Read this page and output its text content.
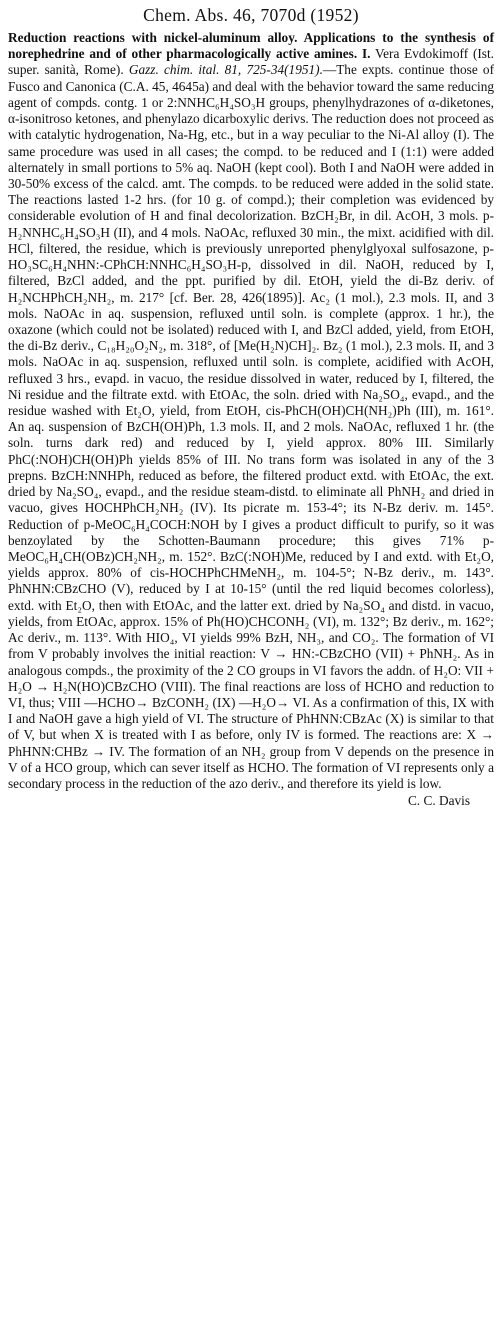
Chem. Abs. 46, 7070d (1952)

Reduction reactions with nickel-aluminum alloy. Applications to the synthesis of norephedrine and of other pharmacologically active amines. I. Vera Evdokimoff (Ist. super. sanità, Rome). Gazz. chim. ital. 81, 725-34(1951).—The expts. continue those of Fusco and Canonica (C.A. 45, 4645a) and deal with the behavior toward the same reducing agent of compds. contg. 1 or 2:NNHC₆H₄SO₃H groups, phenylhydrazones of α-diketones, α-isonitroso ketones, and phenylazo dicarboxylic derivs. The reduction does not proceed as with catalytic hydrogenation, Na-Hg, etc., but in a way peculiar to the Ni-Al alloy (I). The same procedure was used in all cases; the compd. to be reduced and I (1:1) were added alternately in small portions to 5% aq. NaOH (kept cool). Both I and NaOH were added in 30-50% excess of the calcd. amt. The compds. to be reduced were added in the solid state. The reactions lasted 1-2 hrs. (for 10 g. of compd.); their completion was evidenced by considerable evolution of H and final decolorization. BzCH₂Br, in dil. AcOH, 3 mols. p-H₂NNHC₆H₄SO₃H (II), and 4 mols. NaOAc, refluxed 30 min., the mixt. acidified with dil. HCl, filtered, the residue, which is previously unreported phenylglyoxal sulfosazone, p-HO₃SC₆H₄NHN:-CPhCH:NNHC₆H₄SO₃H-p, dissolved in dil. NaOH, reduced by I, filtered, BzCl added, and the ppt. purified by dil. EtOH, yield the di-Bz deriv. of H₂NCHPhCH₂NH₂, m. 217° [cf. Ber. 28, 426(1895)]. Ac₂ (1 mol.), 2.3 mols. II, and 3 mols. NaOAc in aq. suspension, refluxed until soln. is complete (approx. 1 hr.), the oxazone (which could not be isolated) reduced with I, and BzCl added, yield, from EtOH, the di-Bz deriv., C₁₈H₂₀O₂N₂, m. 318°, of [Me(H₂N)CH]₂. Bz₂ (1 mol.), 2.3 mols. II, and 3 mols. NaOAc in aq. suspension, refluxed until soln. is complete, acidified with AcOH, refluxed 3 hrs., evapd. in vacuo, the residue dissolved in water, reduced by I, filtered, the Ni residue and the filtrate extd. with EtOAc, the soln. dried with Na₂SO₄, evapd., and the residue washed with Et₂O, yield, from EtOH, cis-PhCH(OH)CH(NH₂)Ph (III), m. 161°. An aq. suspension of BzCH(OH)Ph, 1.3 mols. II, and 2 mols. NaOAc, refluxed 1 hr. (the soln. turns dark red) and reduced by I, yield approx. 80% III. Similarly PhC(:NOH)CH(OH)Ph yields 85% of III. No trans form was isolated in any of the 3 prepns. BzCH:NNHPh, reduced as before, the filtered product extd. with EtOAc, the ext. dried by Na₂SO₄, evapd., and the residue steam-distd. to eliminate all PhNH₂ and dried in vacuo, gives HOCHPhCH₂NH₂ (IV). Its picrate m. 153-4°; its N-Bz deriv. m. 145°. Reduction of p-MeOC₆H₄COCH:NOH by I gives a product difficult to purify, so it was benzoylated by the Schotten-Baumann procedure; this gives 71% p-MeOC₆H₄CH(OBz)CH₂NH₂, m. 152°. BzC(:NOH)Me, reduced by I and extd. with Et₂O, yields approx. 80% of cis-HOCHPhCHMeNH₂, m. 104-5°; N-Bz deriv., m. 143°. PhNHN:CBzCHO (V), reduced by I at 10-15° (until the red liquid becomes colorless), extd. with Et₂O, then with EtOAc, and the latter ext. dried by Na₂SO₄ and distd. in vacuo, yields, from EtOAc, approx. 15% of Ph(HO)CHCONH₂ (VI), m. 132°; Bz deriv., m. 162°; Ac deriv., m. 113°. With HIO₄, VI yields 99% BzH, NH₃, and CO₂. The formation of VI from V probably involves the initial reaction: V → HN:-CBzCHO (VII) + PhNH₂. As in analogous compds., the proximity of the 2 CO groups in VI favors the addn. of H₂O: VII + H₂O → H₂N(HO)CBzCHO (VIII). The final reactions are loss of HCHO and reduction to VI, thus; VIII —HCHO→ BzCONH₂ (IX) —H₂O→ VI. As a confirmation of this, IX with I and NaOH gave a high yield of VI. The structure of PhHNN:CBzAc (X) is similar to that of V, but when X is treated with I as before, only IV is formed. The reactions are: X → PhHNN:CHBz → IV. The formation of an NH₂ group from V depends on the presence in V of a HCO group, which can sever itself as HCHO. The formation of VI represents only a secondary process in the reduction of the azo deriv., and therefore its yield is low.

C. C. Davis
